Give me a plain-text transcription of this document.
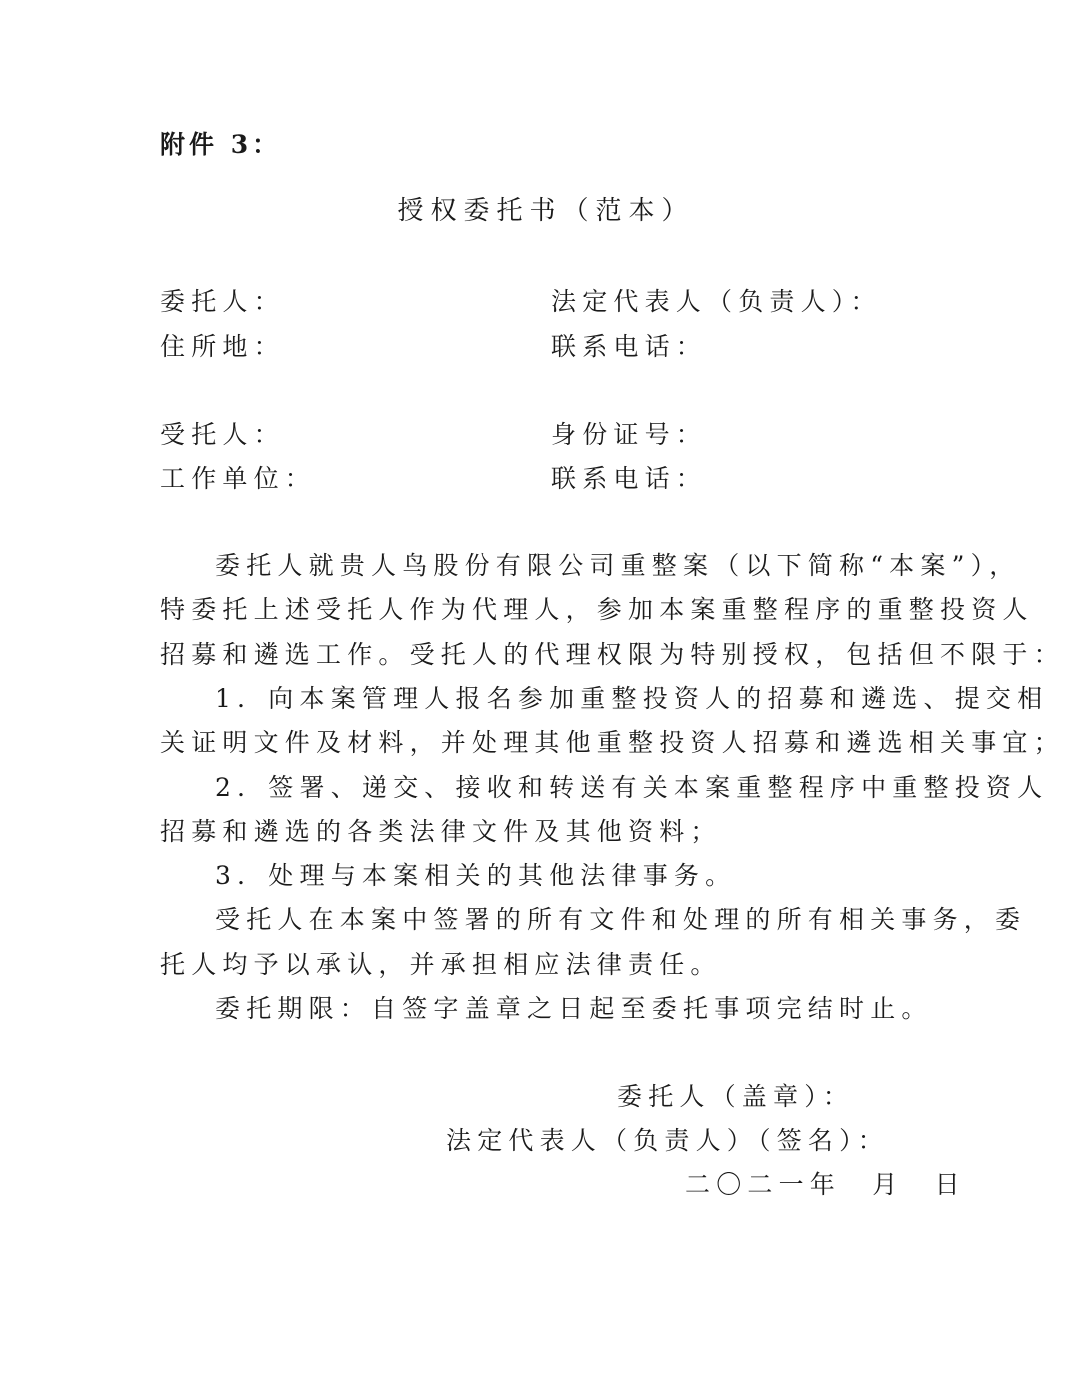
附件 3：
授权委托书（范本）
委托人：	法定代表人（负责人）：
住所地：	联系电话：
受托人：	身份证号：
工作单位：	联系电话：
委托人就贵人鸟股份有限公司重整案（以下简称“本案”），
特委托上述受托人作为代理人，参加本案重整程序的重整投资人
招募和遴选工作。受托人的代理权限为特别授权，包括但不限于：
1．向本案管理人报名参加重整投资人的招募和遴选、提交相
关证明文件及材料，并处理其他重整投资人招募和遴选相关事宜；
2．签署、递交、接收和转送有关本案重整程序中重整投资人
招募和遴选的各类法律文件及其他资料；
3．处理与本案相关的其他法律事务。
受托人在本案中签署的所有文件和处理的所有相关事务，委
托人均予以承认，并承担相应法律责任。
委托期限：自签字盖章之日起至委托事项完结时止。
委托人（盖章）：
法定代表人（负责人）（签名）：
二〇二一年　月　日
